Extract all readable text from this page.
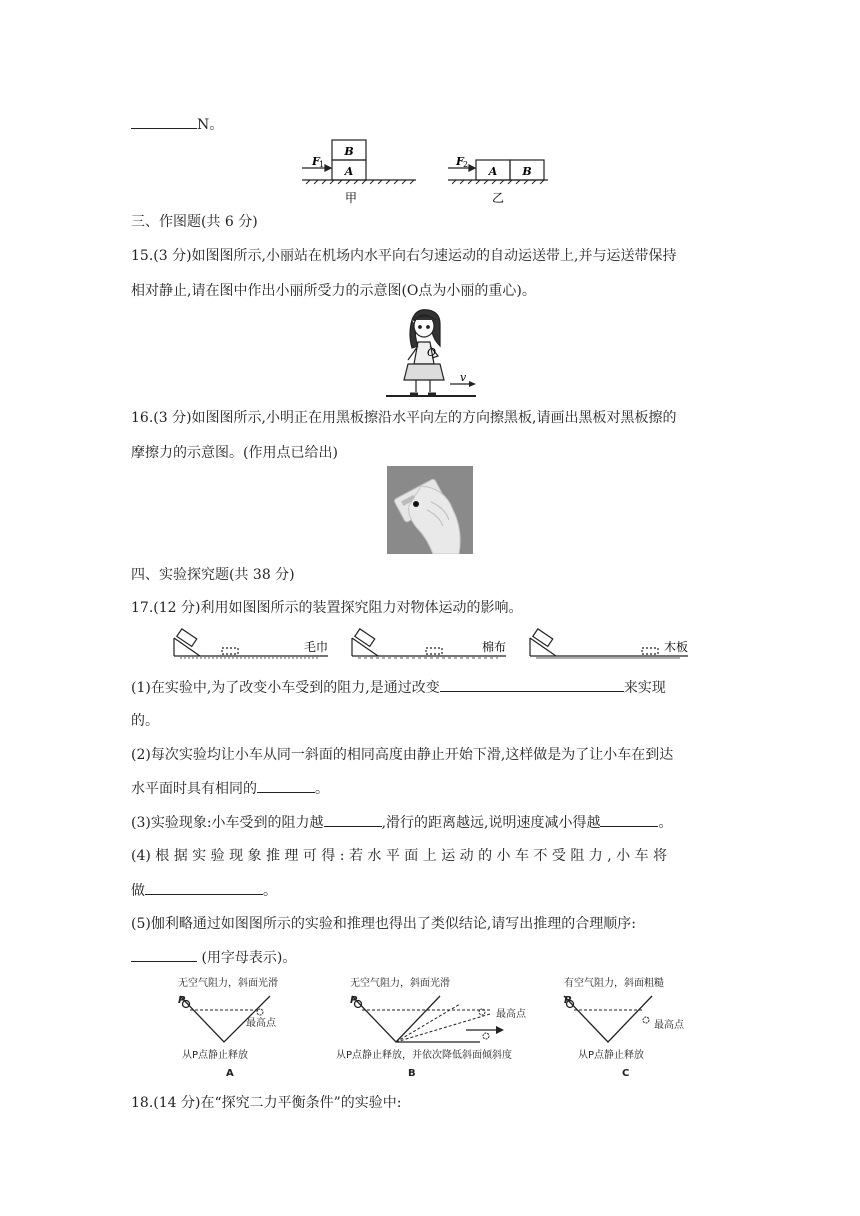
N。
B
A	A B
F 1	F 2
甲	乙
三、作图题(共 6 分)
15.(3 分)如图图所示,小丽站在机场内水平向右匀速运动的自动运送带上,并与运送带保持
相对静止,请在图中作出小丽所受力的示意图(O点为小丽的重心)。
O
v
16.(3 分)如图图所示,小明正在用黑板擦沿水平向左的方向擦黑板,请画出黑板对黑板擦的
摩擦力的示意图。(作用点已给出)
四、实验探究题(共 38 分)
17.(12 分)利用如图图所示的装置探究阻力对物体运动的影响。
毛巾	棉布	木板
(1)在实验中,为了改变小车受到的阻力,是通过改变	来实现
的。
(2)每次实验均让小车从同一斜面的相同高度由静止开始下滑,这样做是为了让小车在到达
水平面时具有相同的	。
(3)实验现象:小车受到的阻力越	,滑行的距离越远,说明速度减小得越	。
(4) 根 据 实 验 现 象 推 理 可 得 : 若 水 平 面 上 运 动 的 小 车 不 受 阻 力 , 小 车 将
做	。
(5)伽利略通过如图图所示的实验和推理也得出了类似结论,请写出推理的合理顺序:
(用字母表示)。
无空气阻力，斜面光滑
P
最高点
从P点静止释放
A
无空气阻力，斜面光滑
P
最高点
从P点静止释放，并依次降低斜面倾斜度
B
有空气阻力，斜面粗糙
P
最高点
从P点静止释放
C
18.(14 分)在“探究二力平衡条件”的实验中:
